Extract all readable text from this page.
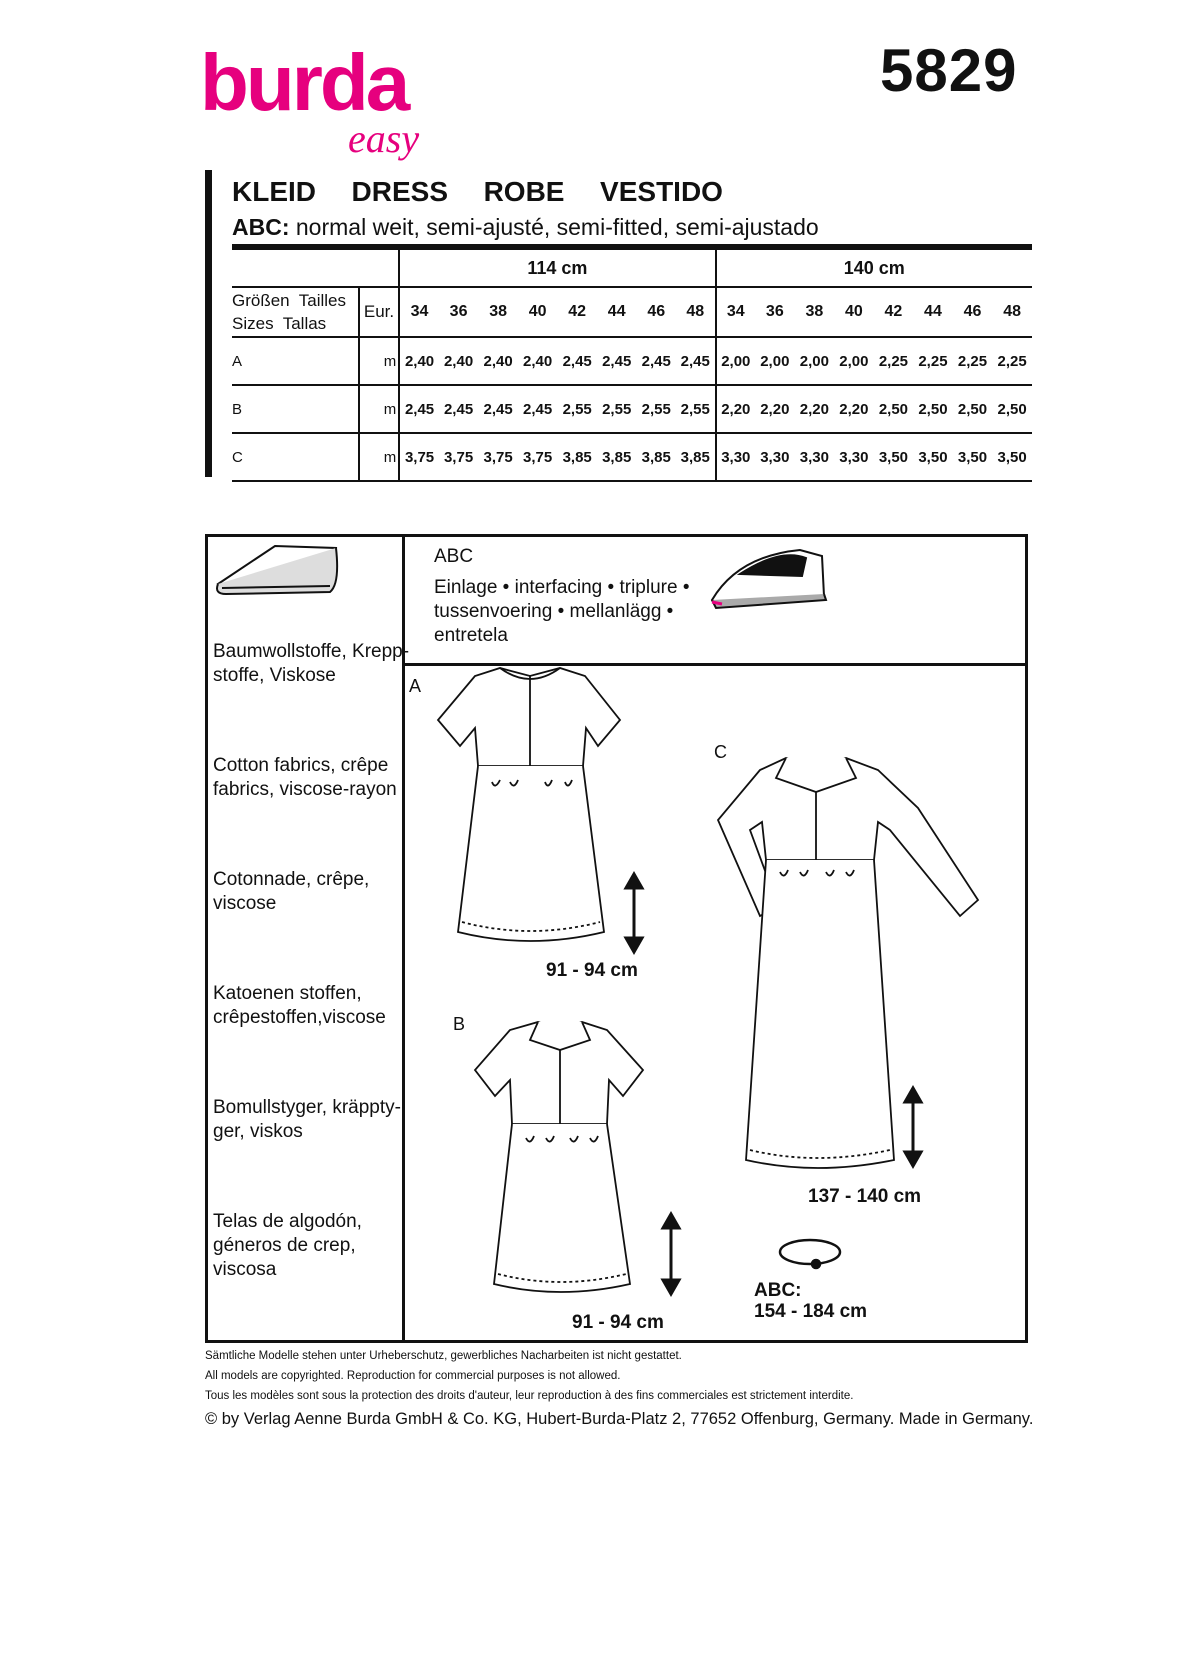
burda
easy
5829
KLEID  DRESS  ROBE  VESTIDO
ABC: normal weit, semi-ajusté, semi-fitted, semi-ajustado
		114 cm								140 cm							

Größen  Tailles
Sizes  Tallas	Eur.	34	36	38	40	42	44	46	48	34	36	38	40	42	44	46	48
A	m	2,40	2,40	2,40	2,40	2,45	2,45	2,45	2,45	2,00	2,00	2,00	2,00	2,25	2,25	2,25	2,25
B	m	2,45	2,45	2,45	2,45	2,55	2,55	2,55	2,55	2,20	2,20	2,20	2,20	2,50	2,50	2,50	2,50
C	m	3,75	3,75	3,75	3,75	3,85	3,85	3,85	3,85	3,30	3,30	3,30	3,30	3,50	3,50	3,50	3,50
Baumwollstoffe, Krepp-
stoffe, Viskose
Cotton fabrics, crêpe
fabrics, viscose-rayon
Cotonnade, crêpe,
viscose
Katoenen stoffen,
crêpestoffen,viscose
Bomullstyger, kräppty-
ger, viskos
Telas de algodón,
géneros de crep,
viscosa
ABC
Einlage • interfacing • triplure •
tussenvoering • mellanlägg •
entretela
A
C
B
91 - 94 cm
91 - 94 cm
137 - 140 cm
ABC:
154 - 184 cm
Sämtliche Modelle stehen unter Urheberschutz, gewerbliches Nacharbeiten ist nicht gestattet.
All models are copyrighted. Reproduction for commercial purposes is not allowed.
Tous les modèles sont sous la protection des droits d'auteur, leur reproduction à des fins commerciales est strictement interdite.
© by Verlag Aenne Burda GmbH & Co. KG, Hubert-Burda-Platz 2, 77652 Offenburg, Germany. Made in Germany.
